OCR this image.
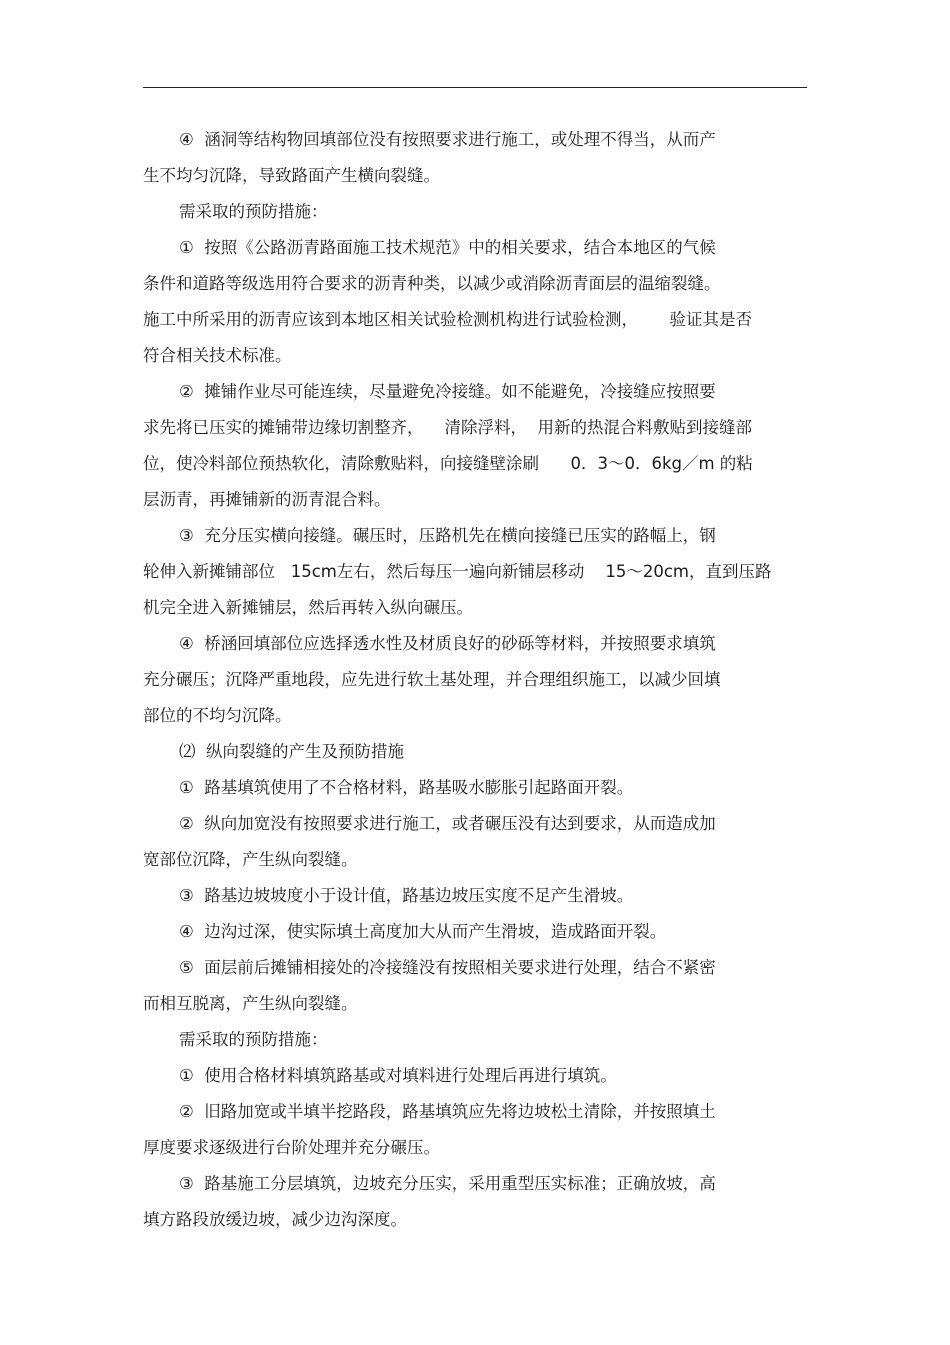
④  涵洞等结构物回填部位没有按照要求进行施工，或处理不得当，从而产
生不均匀沉降，导致路面产生横向裂缝。
需采取的预防措施：
①  按照《公路沥青路面施工技术规范》中的相关要求，结合本地区的气候
条件和道路等级选用符合要求的沥青种类，以减少或消除沥青面层的温缩裂缝。
施工中所采用的沥青应该到本地区相关试验检测机构进行试验检测，      验证其是否
符合相关技术标准。
②  摊铺作业尽可能连续，尽量避免冷接缝。如不能避免，冷接缝应按照要
求先将已压实的摊铺带边缘切割整齐，    清除浮料，  用新的热混合料敷贴到接缝部
位，使冷料部位预热软化，清除敷贴料，向接缝壁涂刷      0．3～0．6kg／m 的粘
层沥青，再摊铺新的沥青混合料。
③  充分压实横向接缝。碾压时，压路机先在横向接缝已压实的路幅上，钢
轮伸入新摊铺部位   15cm左右，然后每压一遍向新铺层移动    15～20cm，直到压路
机完全进入新摊铺层，然后再转入纵向碾压。
④  桥涵回填部位应选择透水性及材质良好的砂砾等材料，并按照要求填筑
充分碾压；沉降严重地段，应先进行软土基处理，并合理组织施工，以减少回填
部位的不均匀沉降。
⑵  纵向裂缝的产生及预防措施
①  路基填筑使用了不合格材料，路基吸水膨胀引起路面开裂。
②  纵向加宽没有按照要求进行施工，或者碾压没有达到要求，从而造成加
宽部位沉降，产生纵向裂缝。
③  路基边坡坡度小于设计值，路基边坡压实度不足产生滑坡。
④  边沟过深，使实际填土高度加大从而产生滑坡，造成路面开裂。
⑤  面层前后摊铺相接处的冷接缝没有按照相关要求进行处理，结合不紧密
而相互脱离，产生纵向裂缝。
需采取的预防措施：
①  使用合格材料填筑路基或对填料进行处理后再进行填筑。
②  旧路加宽或半填半挖路段，路基填筑应先将边坡松土清除，并按照填土
厚度要求逐级进行台阶处理并充分碾压。
③  路基施工分层填筑，边坡充分压实，采用重型压实标准；正确放坡，高
填方路段放缓边坡，减少边沟深度。
